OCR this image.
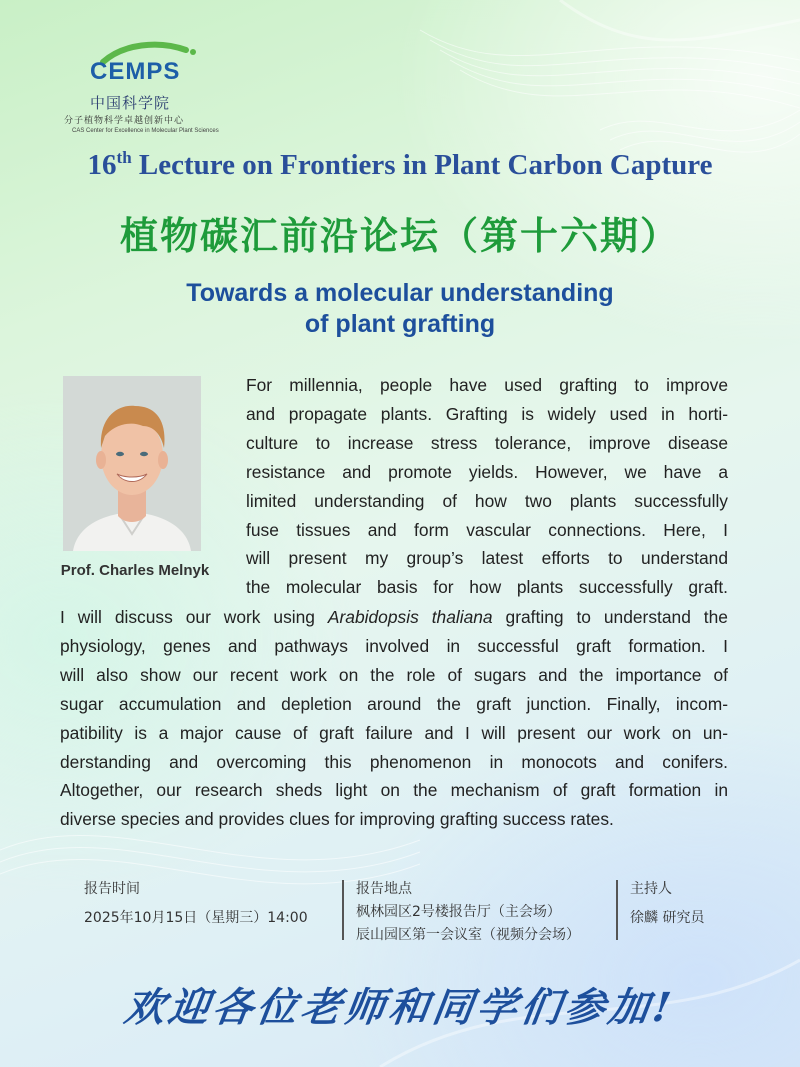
CEMPS
中国科学院
分子植物科学卓越创新中心
CAS Center for Excellence in Molecular Plant Sciences
16th Lecture on Frontiers in Plant Carbon Capture
植物碳汇前沿论坛（第十六期）
Towards a molecular understanding
of plant grafting
Prof. Charles Melnyk
For millennia, people have used grafting to improve
and propagate plants. Grafting is widely used in horti-
culture to increase stress tolerance, improve disease
resistance and promote yields. However, we have a
limited understanding of how two plants successfully
fuse tissues and form vascular connections. Here, I
will present my group’s latest efforts to understand
the molecular basis for how plants successfully graft.
I will discuss our work using Arabidopsis thaliana grafting to understand the
physiology, genes and pathways involved in successful graft formation. I
will also show our recent work on the role of sugars and the importance of
sugar accumulation and depletion around the graft junction. Finally, incom-
patibility is a major cause of graft failure and I will present our work on un-
derstanding and overcoming this phenomenon in monocots and conifers.
Altogether, our research sheds light on the mechanism of graft formation in
diverse species and provides clues for improving grafting success rates.
报告时间
2025年10月15日（星期三）14:00
报告地点
枫林园区2号楼报告厅（主会场）
辰山园区第一会议室（视频分会场）
主持人
徐麟 研究员
欢迎各位老师和同学们参加!
